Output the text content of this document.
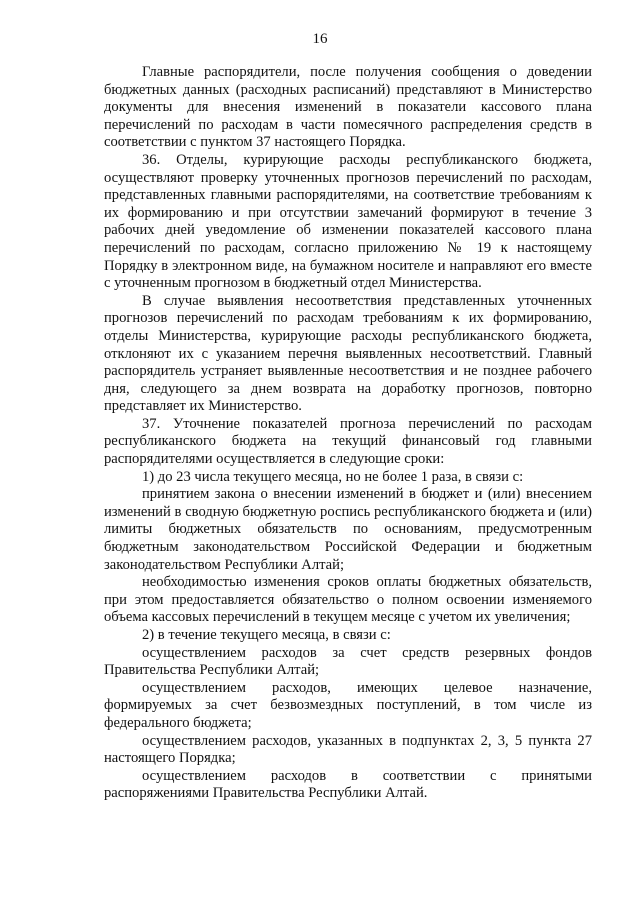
16

Главные распорядители, после получения сообщения о доведении бюджетных данных (расходных расписаний) представляют в Министерство документы для внесения изменений в показатели кассового плана перечислений по расходам в части помесячного распределения средств в соответствии с пунктом 37 настоящего Порядка.

36. Отделы, курирующие расходы республиканского бюджета, осуществляют проверку уточненных прогнозов перечислений по расходам, представленных главными распорядителями, на соответствие требованиям к их формированию и при отсутствии замечаний формируют в течение 3 рабочих дней уведомление об изменении показателей кассового плана перечислений по расходам, согласно приложению № 19 к настоящему Порядку в электронном виде, на бумажном носителе и направляют его вместе с уточненным прогнозом в бюджетный отдел Министерства.

В случае выявления несоответствия представленных уточненных прогнозов перечислений по расходам требованиям к их формированию, отделы Министерства, курирующие расходы республиканского бюджета, отклоняют их с указанием перечня выявленных несоответствий. Главный распорядитель устраняет выявленные несоответствия и не позднее рабочего дня, следующего за днем возврата на доработку прогнозов, повторно представляет их Министерство.

37. Уточнение показателей прогноза перечислений по расходам республиканского бюджета на текущий финансовый год главными распорядителями осуществляется в следующие сроки:

1) до 23 числа текущего месяца, но не более 1 раза, в связи с:

принятием закона о внесении изменений в бюджет и (или) внесением изменений в сводную бюджетную роспись республиканского бюджета и (или) лимиты бюджетных обязательств по основаниям, предусмотренным бюджетным законодательством Российской Федерации и бюджетным законодательством Республики Алтай;

необходимостью изменения сроков оплаты бюджетных обязательств, при этом предоставляется обязательство о полном освоении изменяемого объема кассовых перечислений в текущем месяце с учетом их увеличения;

2) в течение текущего месяца, в связи с:

осуществлением расходов за счет средств резервных фондов Правительства Республики Алтай;

осуществлением расходов, имеющих целевое назначение, формируемых за счет безвозмездных поступлений, в том числе из федерального бюджета;

осуществлением расходов, указанных в подпунктах 2, 3, 5 пункта 27 настоящего Порядка;

осуществлением расходов в соответствии с принятыми распоряжениями Правительства Республики Алтай.
